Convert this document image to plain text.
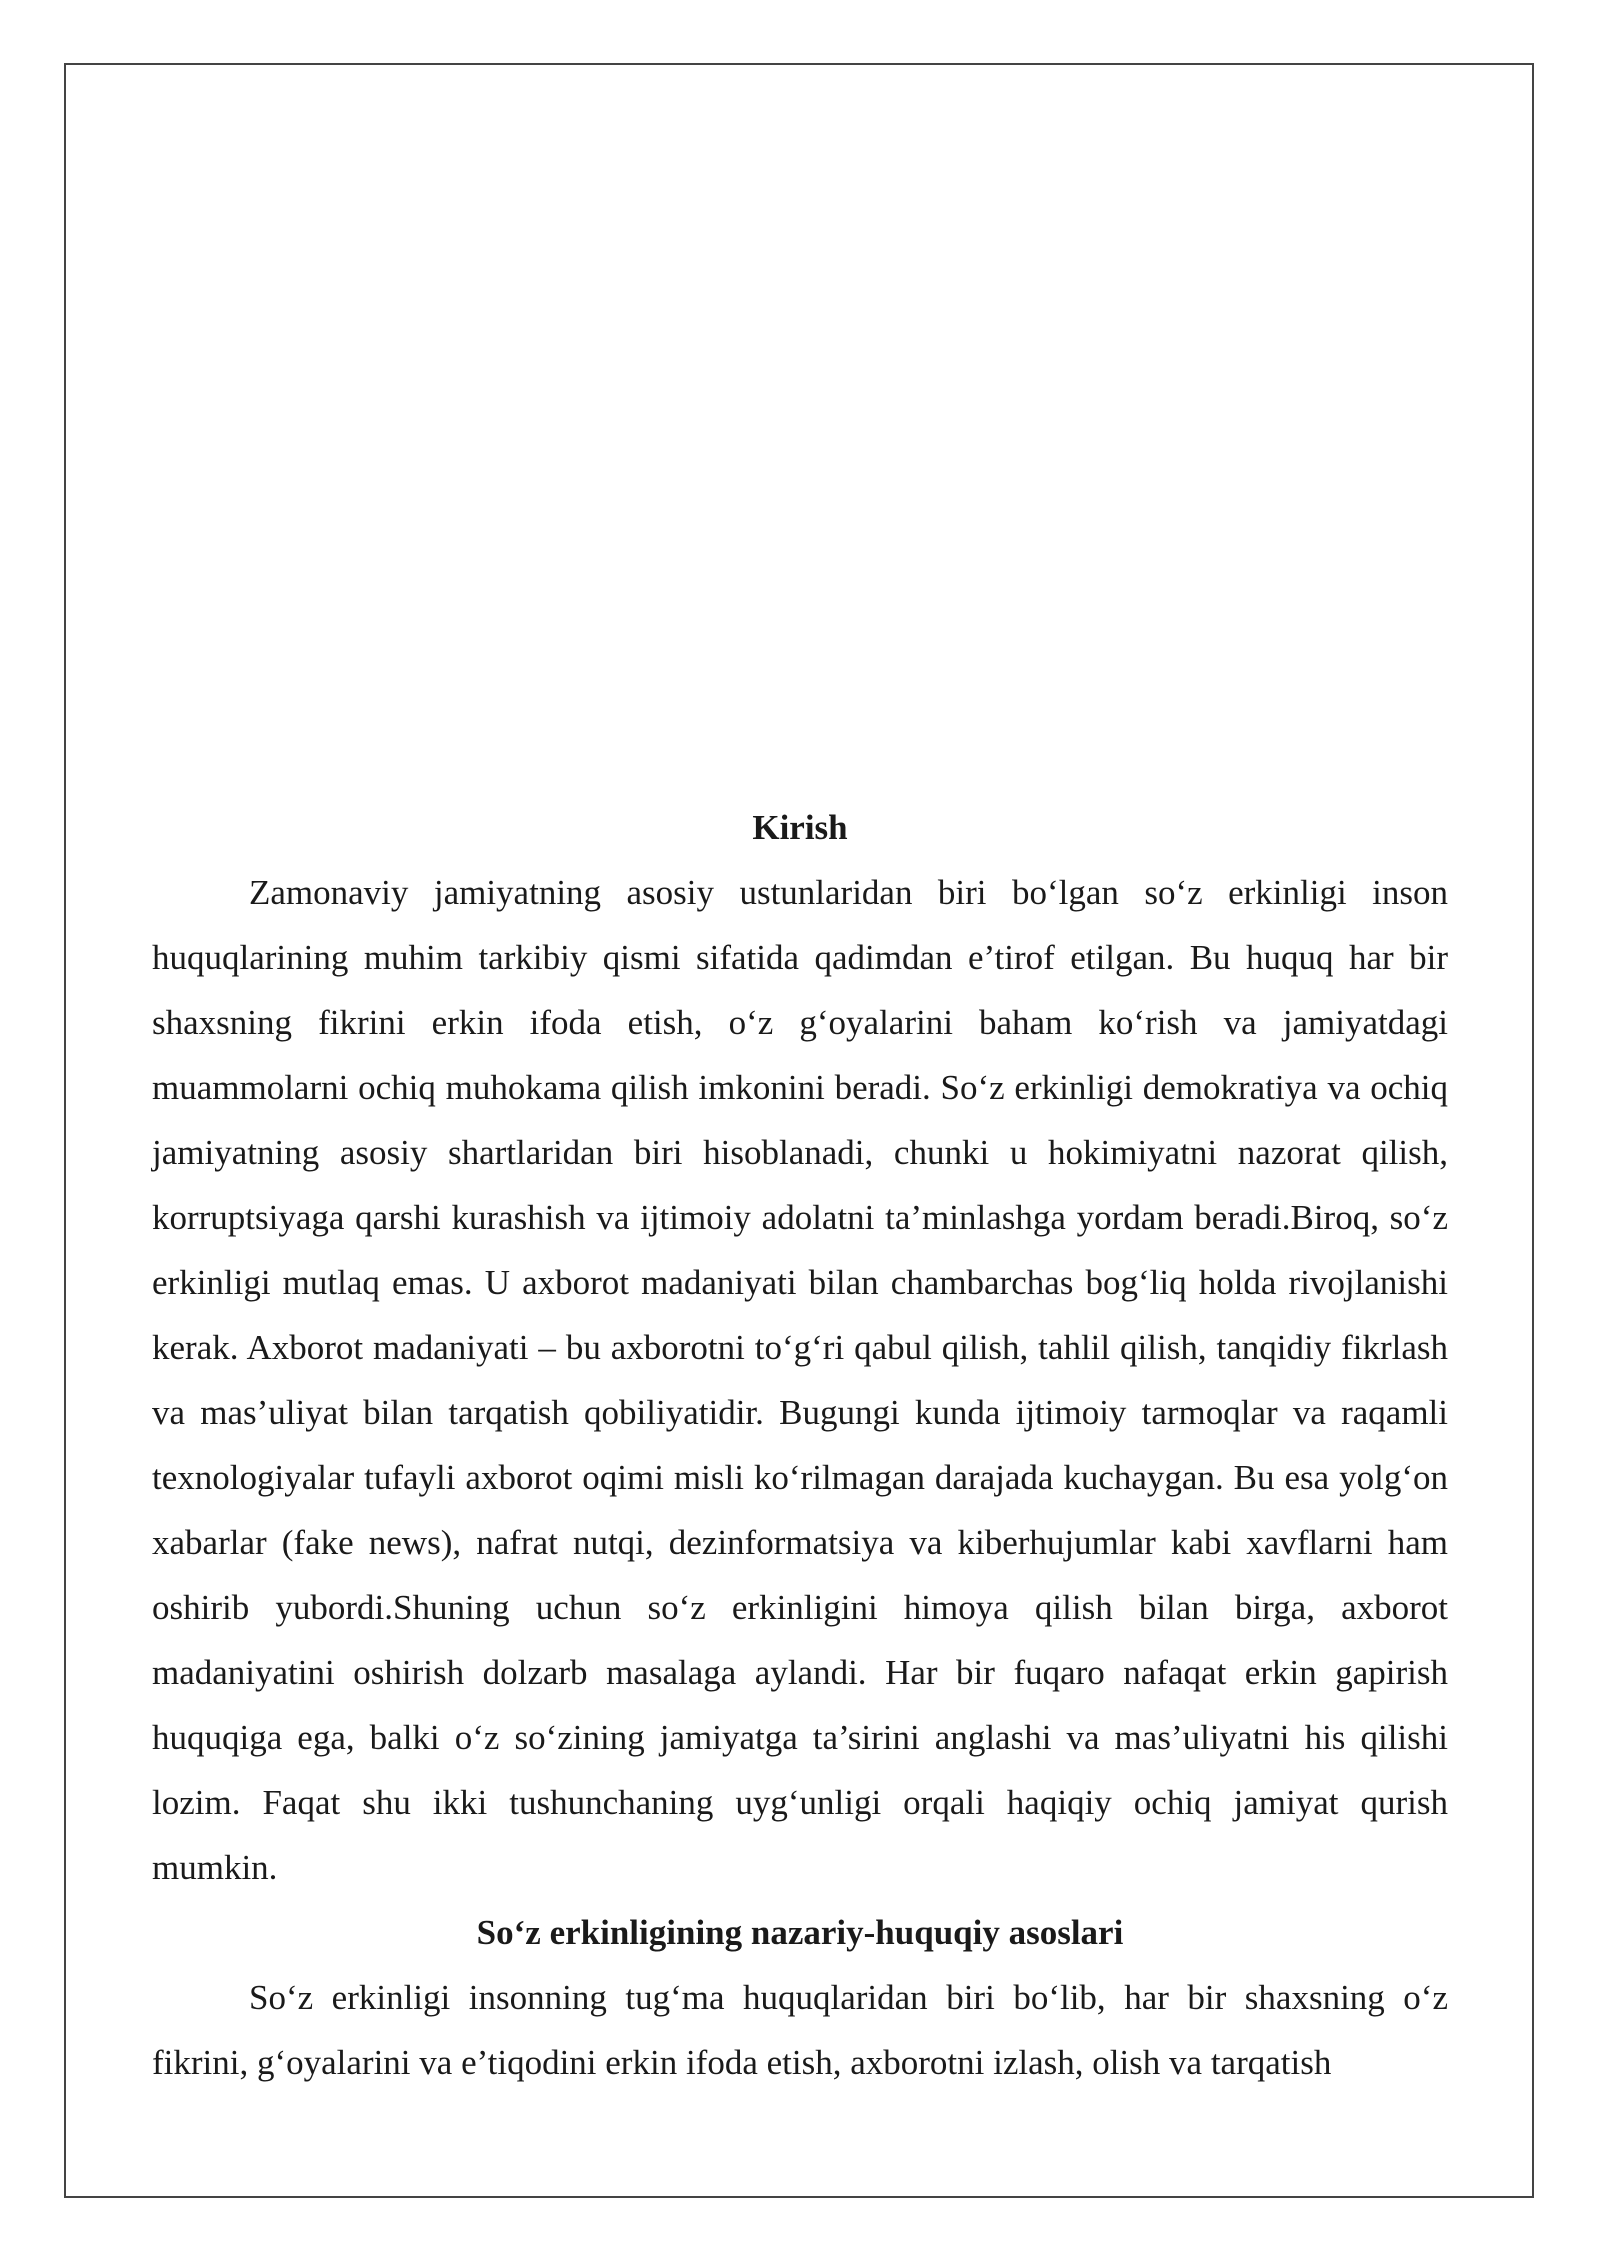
Kirish

Zamonaviy jamiyatning asosiy ustunlaridan biri bo‘lgan so‘z erkinligi inson huquqlarining muhim tarkibiy qismi sifatida qadimdan e’tirof etilgan. Bu huquq har bir shaxsning fikrini erkin ifoda etish, o‘z g‘oyalarini baham ko‘rish va jamiyatdagi muammolarni ochiq muhokama qilish imkonini beradi. So‘z erkinligi demokratiya va ochiq jamiyatning asosiy shartlaridan biri hisoblanadi, chunki u hokimiyatni nazorat qilish, korruptsiyaga qarshi kurashish va ijtimoiy adolatni ta’minlashga yordam beradi.Biroq, so‘z erkinligi mutlaq emas. U axborot madaniyati bilan chambarchas bog‘liq holda rivojlanishi kerak. Axborot madaniyati – bu axborotni to‘g‘ri qabul qilish, tahlil qilish, tanqidiy fikrlash va mas’uliyat bilan tarqatish qobiliyatidir. Bugungi kunda ijtimoiy tarmoqlar va raqamli texnologiyalar tufayli axborot oqimi misli ko‘rilmagan darajada kuchaygan. Bu esa yolg‘on xabarlar (fake news), nafrat nutqi, dezinformatsiya va kiberhujumlar kabi xavflarni ham oshirib yubordi.Shuning uchun so‘z erkinligini himoya qilish bilan birga, axborot madaniyatini oshirish dolzarb masalaga aylandi. Har bir fuqaro nafaqat erkin gapirish huquqiga ega, balki o‘z so‘zining jamiyatga ta’sirini anglashi va mas’uliyatni his qilishi lozim. Faqat shu ikki tushunchaning uyg‘unligi orqali haqiqiy ochiq jamiyat qurish mumkin.

So‘z erkinligining nazariy-huquqiy asoslari

So‘z erkinligi insonning tug‘ma huquqlaridan biri bo‘lib, har bir shaxsning o‘z fikrini, g‘oyalarini va e’tiqodini erkin ifoda etish, axborotni izlash, olish va tarqatish
